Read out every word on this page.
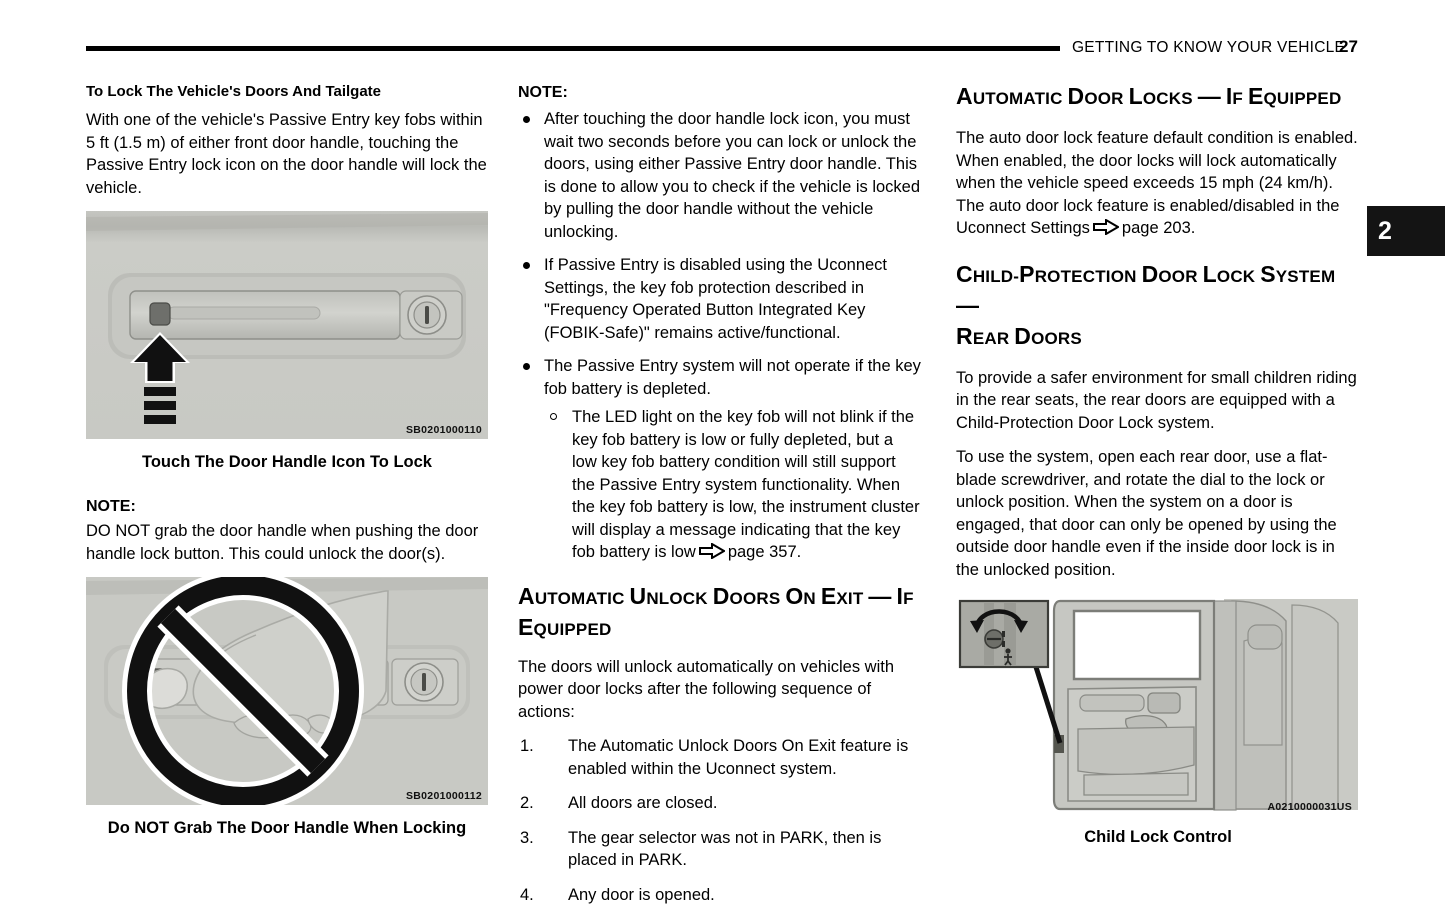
GETTING TO KNOW YOUR VEHICLE
27
2
To Lock The Vehicle's Doors And Tailgate

With one of the vehicle's Passive Entry key fobs within 5 ft (1.5 m) of either front door handle, touching the Passive Entry lock icon on the door handle will lock the vehicle.

SB0201000110
Touch The Door Handle Icon To Lock
NOTE:

DO NOT grab the door handle when pushing the door handle lock button. This could unlock the door(s).

SB0201000112
Do NOT Grab The Door Handle When Locking
NOTE:
After touching the door handle lock icon, you must wait two seconds before you can lock or unlock the doors, using either Passive Entry door handle. This is done to allow you to check if the vehicle is locked by pulling the door handle without the vehicle unlocking.
If Passive Entry is disabled using the Uconnect Settings, the key fob protection described in "Frequency Operated Button Integrated Key (FOBIK-Safe)" remains active/functional.
The Passive Entry system will not operate if the key fob battery is depleted.
The LED light on the key fob will not blink if the key fob battery is low or fully depleted, but a low key fob battery condition will still support the Passive Entry system functionality. When the key fob battery is low, the instrument cluster will display a message indicating that the key fob battery is low page 357.
AUTOMATIC UNLOCK DOORS ON EXIT — IF EQUIPPED

The doors will unlock automatically on vehicles with power door locks after the following sequence of actions:

1. The Automatic Unlock Doors On Exit feature is enabled within the Uconnect system.
2. All doors are closed.
3. The gear selector was not in PARK, then is placed in PARK.
4. Any door is opened.
AUTOMATIC DOOR LOCKS — IF EQUIPPED

The auto door lock feature default condition is enabled. When enabled, the door locks will lock automatically when the vehicle speed exceeds 15 mph (24 km/h). The auto door lock feature is enabled/disabled in the Uconnect Settings page 203.

CHILD-PROTECTION DOOR LOCK SYSTEM —
REAR DOORS

To provide a safer environment for small children riding in the rear seats, the rear doors are equipped with a Child-Protection Door Lock system.

To use the system, open each rear door, use a flat-blade screwdriver, and rotate the dial to the lock or unlock position. When the system on a door is engaged, that door can only be opened by using the outside door handle even if the inside door lock is in the unlocked position.

A0210000031US
Child Lock Control
